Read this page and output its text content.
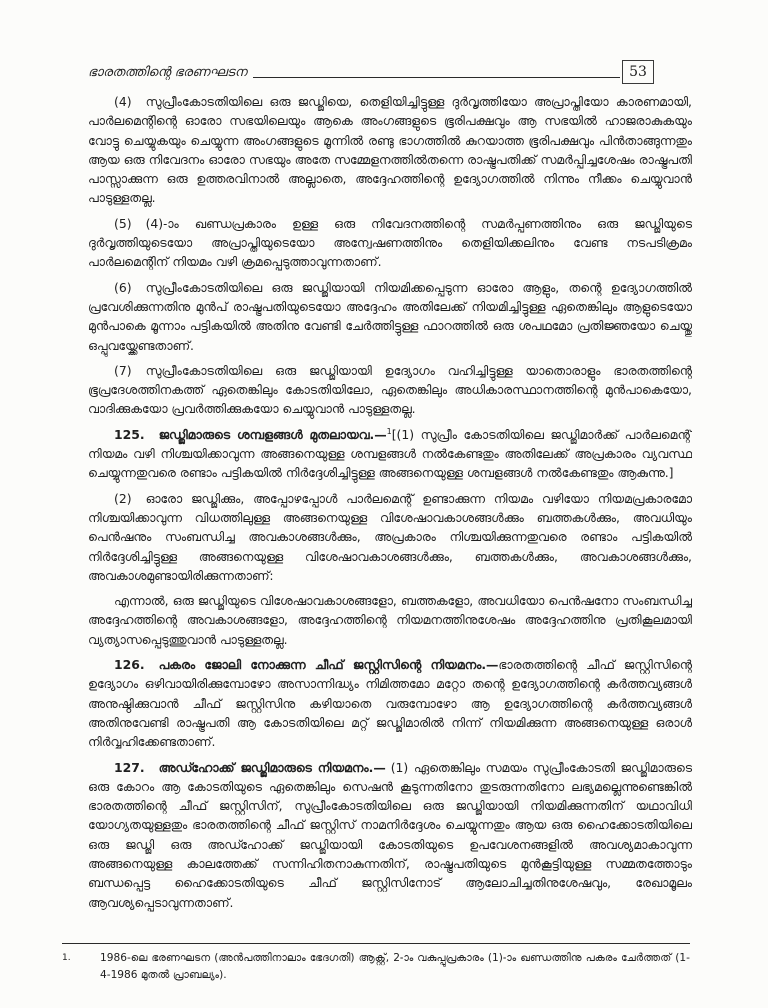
ഭാരതത്തിന്റെ ഭരണഘടന	53

(4) സുപ്രീംകോടതിയിലെ ഒരു ജഡ്ജിയെ, തെളിയിച്ചിട്ടുള്ള ദുർവൃത്തിയോ അപ്രാപ്തിയോ കാരണമായി, പാർലമെന്റിന്റെ ഓരോ സഭയിലെയും ആകെ അംഗങ്ങളുടെ ഭൂരിപക്ഷവും ആ സഭയിൽ ഹാജരാകുകയും വോട്ടു ചെയ്യുകയും ചെയ്യുന്ന അംഗങ്ങളുടെ മൂന്നിൽ രണ്ടു ഭാഗത്തിൽ കുറയാത്ത ഭൂരിപക്ഷവും പിൻതാങ്ങുന്നതും ആയ ഒരു നിവേദനം ഓരോ സഭയും അതേ സമ്മേളനത്തിൽതന്നെ രാഷ്ട്രപതിക്ക് സമർപ്പിച്ചശേഷം രാഷ്ട്രപതി പാസ്സാക്കുന്ന ഒരു ഉത്തരവിനാൽ അല്ലാതെ, അദ്ദേഹത്തിന്റെ ഉദ്യോഗത്തിൽ നിന്നും നീക്കം ചെയ്യുവാൻ പാടുള്ളതല്ല.

(5) (4)-ാം ഖണ്ഡപ്രകാരം ഉള്ള ഒരു നിവേദനത്തിന്റെ സമർപ്പണത്തിനും ഒരു ജഡ്ജിയുടെ ദുർവൃത്തിയുടെയോ അപ്രാപ്തിയുടെയോ അന്വേഷണത്തിനും തെളിയിക്കലിനും വേണ്ട നടപടിക്രമം പാർലമെന്റിന് നിയമം വഴി ക്രമപ്പെടുത്താവുന്നതാണ്.

(6) സുപ്രീംകോടതിയിലെ ഒരു ജഡ്ജിയായി നിയമിക്കപ്പെടുന്ന ഓരോ ആളും, തന്റെ ഉദ്യോഗത്തിൽ പ്രവേശിക്കുന്നതിനു മുൻപ് രാഷ്ട്രപതിയുടെയോ അദ്ദേഹം അതിലേക്ക് നിയമിച്ചിട്ടുള്ള ഏതെങ്കിലും ആളുടെയോ മുൻപാകെ മൂന്നാം പട്ടികയിൽ അതിനു വേണ്ടി ചേർത്തിട്ടുള്ള ഫാറത്തിൽ ഒരു ശപഥമോ പ്രതിജ്ഞയോ ചെയ്തു ഒപ്പുവയ്ക്കേണ്ടതാണ്.

(7) സുപ്രീംകോടതിയിലെ ഒരു ജഡ്ജിയായി ഉദ്യോഗം വഹിച്ചിട്ടുള്ള യാതൊരാളും ഭാരതത്തിന്റെ ഭൂപ്രദേശത്തിനകത്ത് ഏതെങ്കിലും കോടതിയിലോ, ഏതെങ്കിലും അധികാരസ്ഥാനത്തിന്റെ മുൻപാകെയോ, വാദിക്കുകയോ പ്രവർത്തിക്കുകയോ ചെയ്യുവാൻ പാടുള്ളതല്ല.

125. ജഡ്ജിമാരുടെ ശമ്പളങ്ങൾ മുതലായവ.—$^1$[(1) സുപ്രീം കോടതിയിലെ ജഡ്ജിമാർക്ക് പാർലമെന്റ് നിയമം വഴി നിശ്ചയിക്കാവുന്ന അങ്ങനെയുള്ള ശമ്പളങ്ങൾ നൽകേണ്ടതും അതിലേക്ക് അപ്രകാരം വ്യവസ്ഥ ചെയ്യുന്നതുവരെ രണ്ടാം പട്ടികയിൽ നിർദ്ദേശിച്ചിട്ടുള്ള അങ്ങനെയുള്ള ശമ്പളങ്ങൾ നൽകേണ്ടതും ആകുന്നു.]

(2) ഓരോ ജഡ്ജിക്കും, അപ്പോഴപ്പോൾ പാർലമെന്റ് ഉണ്ടാക്കുന്ന നിയമം വഴിയോ നിയമപ്രകാരമോ നിശ്ചയിക്കാവുന്ന വിധത്തിലുള്ള അങ്ങനെയുള്ള വിശേഷാവകാശങ്ങൾക്കും ബത്തകൾക്കും, അവധിയും പെൻഷനും സംബന്ധിച്ച അവകാശങ്ങൾക്കും, അപ്രകാരം നിശ്ചയിക്കുന്നതുവരെ രണ്ടാം പട്ടികയിൽ നിർദ്ദേശിച്ചിട്ടുള്ള അങ്ങനെയുള്ള വിശേഷാവകാശങ്ങൾക്കും, ബത്തകൾക്കും, അവകാശങ്ങൾക്കും, അവകാശമുണ്ടായിരിക്കുന്നതാണ്:

എന്നാൽ, ഒരു ജഡ്ജിയുടെ വിശേഷാവകാശങ്ങളോ, ബത്തകളോ, അവധിയോ പെൻഷനോ സംബന്ധിച്ച അദ്ദേഹത്തിന്റെ അവകാശങ്ങളോ, അദ്ദേഹത്തിന്റെ നിയമനത്തിനുശേഷം അദ്ദേഹത്തിനു പ്രതികൂലമായി വ്യത്യാസപ്പെടുത്തുവാൻ പാടുള്ളതല്ല.

126. പകരം ജോലി നോക്കുന്ന ചീഫ് ജസ്റ്റിസിന്റെ നിയമനം.—ഭാരതത്തിന്റെ ചീഫ് ജസ്റ്റിസിന്റെ ഉദ്യോഗം ഒഴിവായിരിക്കുമ്പോഴോ അസാന്നിദ്ധ്യം നിമിത്തമോ മറ്റോ തന്റെ ഉദ്യോഗത്തിന്റെ കർത്തവ്യങ്ങൾ അനുഷ്ഠിക്കുവാൻ ചീഫ് ജസ്റ്റിസിനു കഴിയാതെ വരുമ്പോഴോ ആ ഉദ്യോഗത്തിന്റെ കർത്തവ്യങ്ങൾ അതിനുവേണ്ടി രാഷ്ട്രപതി ആ കോടതിയിലെ മറ്റ് ജഡ്ജിമാരിൽ നിന്ന് നിയമിക്കുന്ന അങ്ങനെയുള്ള ഒരാൾ നിർവ്വഹിക്കേണ്ടതാണ്.

127. അഡ്ഹോക്ക് ജഡ്ജിമാരുടെ നിയമനം.— (1) ഏതെങ്കിലും സമയം സുപ്രീംകോടതി ജഡ്ജിമാരുടെ ഒരു കോറം ആ കോടതിയുടെ ഏതെങ്കിലും സെഷൻ കൂടുന്നതിനോ തുടരുന്നതിനോ ലഭ്യമല്ലെന്നുണ്ടെങ്കിൽ ഭാരതത്തിന്റെ ചീഫ് ജസ്റ്റിസിന്, സുപ്രീംകോടതിയിലെ ഒരു ജഡ്ജിയായി നിയമിക്കുന്നതിന് യഥാവിധി യോഗ്യതയുള്ളതും ഭാരതത്തിന്റെ ചീഫ് ജസ്റ്റിസ് നാമനിർദ്ദേശം ചെയ്യുന്നതും ആയ ഒരു ഹൈക്കോടതിയിലെ ഒരു ജഡ്ജി ഒരു അഡ്ഹോക്ക് ജഡ്ജിയായി കോടതിയുടെ ഉപവേശനങ്ങളിൽ അവശ്യമാകാവുന്ന അങ്ങനെയുള്ള കാലത്തേക്ക് സന്നിഹിതനാകുന്നതിന്, രാഷ്ട്രപതിയുടെ മുൻകൂട്ടിയുള്ള സമ്മതത്തോടും ബന്ധപ്പെട്ട ഹൈക്കോടതിയുടെ ചീഫ് ജസ്റ്റിസിനോട് ആലോചിച്ചതിനുശേഷവും, രേഖാമൂലം ആവശ്യപ്പെടാവുന്നതാണ്.

1.	1986-ലെ ഭരണഘടന (അൻപത്തിനാലാം ഭേദഗതി) ആക്റ്റ്, 2-ാം വകുപ്പുപ്രകാരം (1)-ാം ഖണ്ഡത്തിനു പകരം ചേർത്തത് (1-4-1986 മുതൽ പ്രാബല്യം).
